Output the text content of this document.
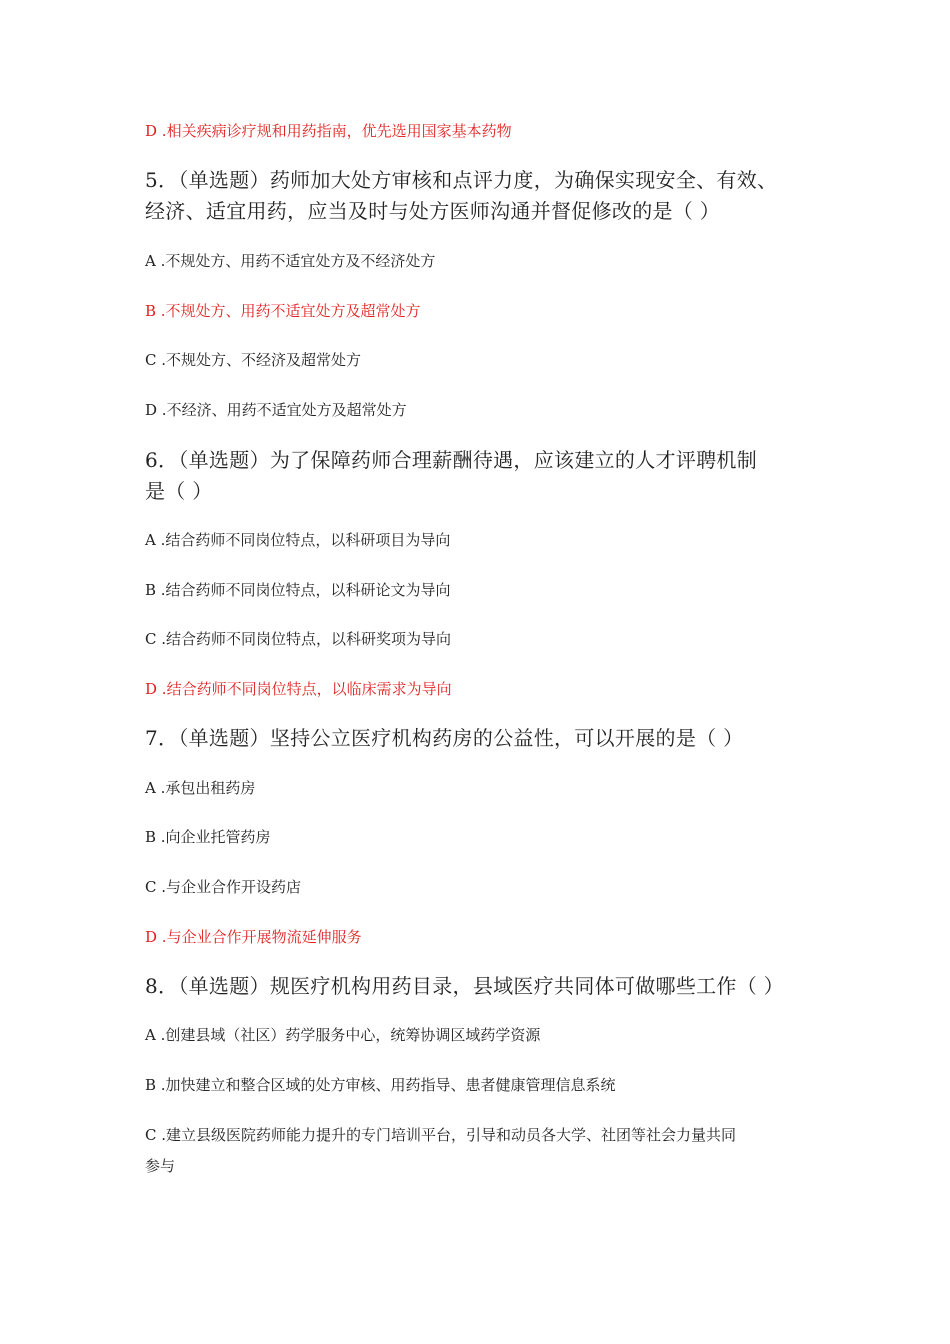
D .相关疾病诊疗规和用药指南，优先选用国家基本药物

5．（单选题）药师加大处方审核和点评力度，为确保实现安全、有效、

经济、适宜用药，应当及时与处方医师沟通并督促修改的是（ ）

A .不规处方、用药不适宜处方及不经济处方

B .不规处方、用药不适宜处方及超常处方

C .不规处方、不经济及超常处方

D .不经济、用药不适宜处方及超常处方

6．（单选题）为了保障药师合理薪酬待遇，应该建立的人才评聘机制

是（ ）

A .结合药师不同岗位特点，以科研项目为导向

B .结合药师不同岗位特点，以科研论文为导向

C .结合药师不同岗位特点，以科研奖项为导向

D .结合药师不同岗位特点，以临床需求为导向

7．（单选题）坚持公立医疗机构药房的公益性，可以开展的是（ ）

A .承包出租药房

B .向企业托管药房

C .与企业合作开设药店

D .与企业合作开展物流延伸服务

8．（单选题）规医疗机构用药目录，县域医疗共同体可做哪些工作（ ）

A .创建县域（社区）药学服务中心，统筹协调区域药学资源

B .加快建立和整合区域的处方审核、用药指导、患者健康管理信息系统

C .建立县级医院药师能力提升的专门培训平台，引导和动员各大学、社团等社会力量共同

参与
